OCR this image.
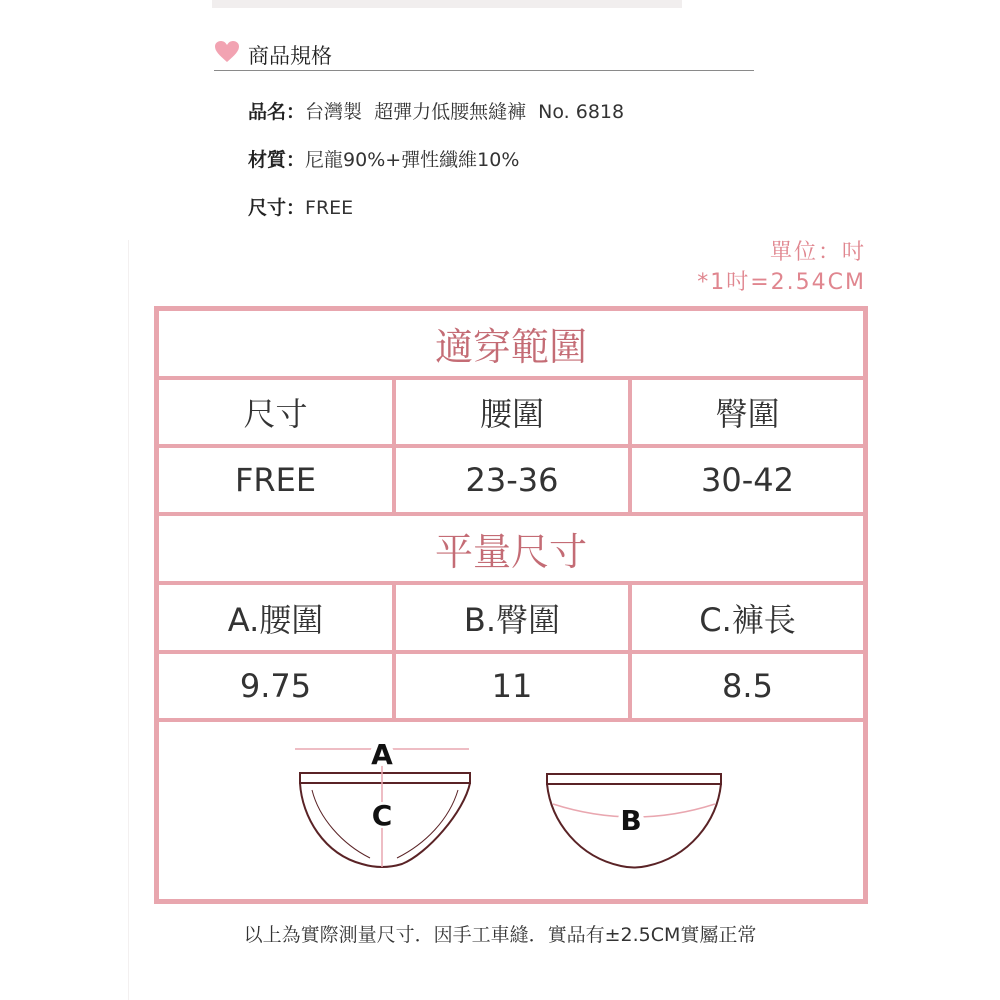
商品規格
品名：台灣製  超彈力低腰無縫褲  No. 6818
材質：尼龍90%+彈性纖維10%
尺寸：FREE
單位：吋
*1吋=2.54CM
適穿範圍
尺寸	腰圍	臀圍
FREE	23-36	30-42
平量尺寸
A.腰圍	B.臀圍	C.褲長
9.75	11	8.5
A
C	B
以上為實際測量尺寸．因手工車縫．實品有±2.5CM實屬正常
